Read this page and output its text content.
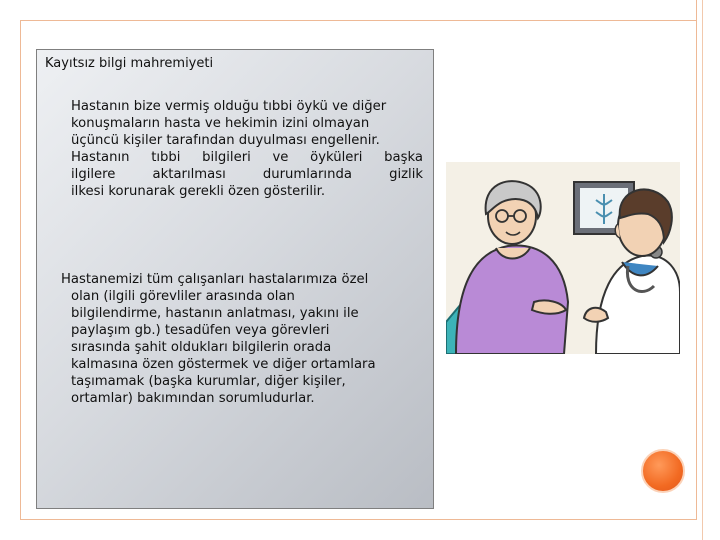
Kayıtsız bilgi mahremiyeti
Hastanın bize vermiş olduğu tıbbi öykü ve diğer
konuşmaların hasta ve hekimin izini olmayan
üçüncü kişiler tarafından duyulması engellenir.
Hastanın tıbbi bilgileri ve öyküleri başka
ilgilere aktarılması durumlarında gizlik
ilkesi korunarak gerekli özen gösterilir.
Hastanemizi tüm çalışanları hastalarımıza özel
olan (ilgili görevliler arasında olan
bilgilendirme, hastanın anlatması, yakını ile
paylaşım gb.) tesadüfen veya görevleri
sırasında şahit oldukları bilgilerin orada
kalmasına özen göstermek ve diğer ortamlara
taşımamak (başka kurumlar, diğer kişiler,
ortamlar) bakımından sorumludurlar.
